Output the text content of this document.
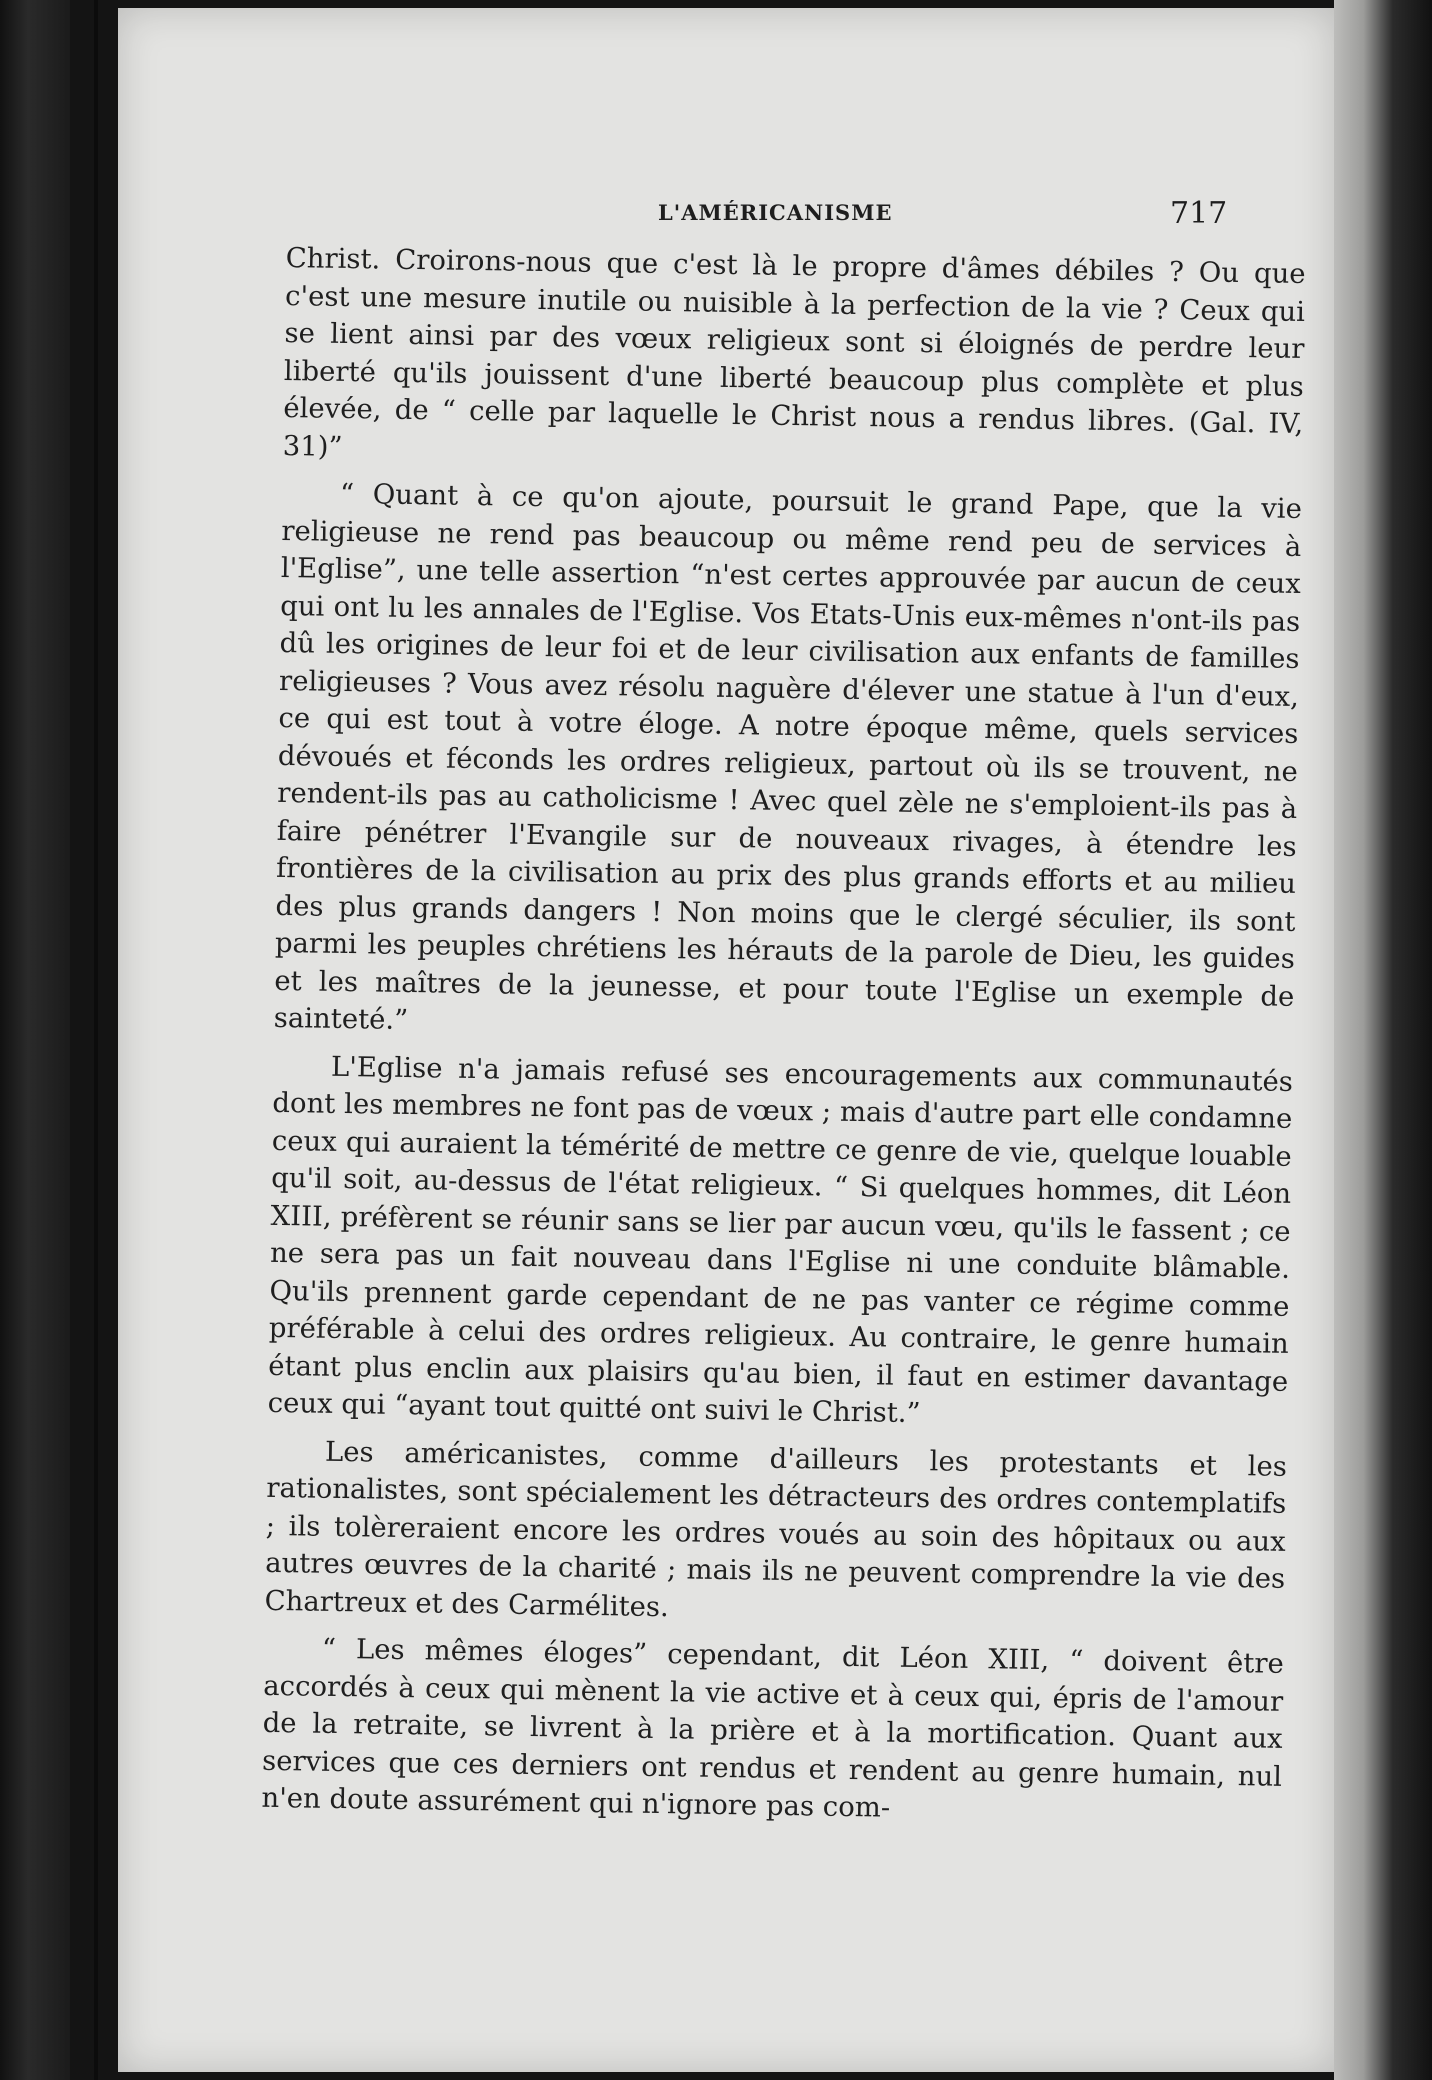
L'AMÉRICANISME	717

Christ. Croirons-nous que c'est là le propre d'âmes débiles ? Ou que c'est une mesure inutile ou nuisible à la perfection de la vie ? Ceux qui se lient ainsi par des vœux religieux sont si éloignés de perdre leur liberté qu'ils jouissent d'une liberté beaucoup plus complète et plus élevée, de “ celle par laquelle le Christ nous a rendus libres. (Gal. IV, 31)”

“ Quant à ce qu'on ajoute, poursuit le grand Pape, que la vie religieuse ne rend pas beaucoup ou même rend peu de services à l'Eglise”, une telle assertion “n'est certes approuvée par aucun de ceux qui ont lu les annales de l'Eglise. Vos Etats-Unis eux-mêmes n'ont-ils pas dû les origines de leur foi et de leur civilisation aux enfants de familles religieuses ? Vous avez résolu naguère d'élever une statue à l'un d'eux, ce qui est tout à votre éloge. A notre époque même, quels services dévoués et féconds les ordres religieux, partout où ils se trouvent, ne rendent-ils pas au catholicisme ! Avec quel zèle ne s'emploient-ils pas à faire pénétrer l'Evangile sur de nouveaux rivages, à étendre les frontières de la civilisation au prix des plus grands efforts et au milieu des plus grands dangers ! Non moins que le clergé séculier, ils sont parmi les peuples chrétiens les hérauts de la parole de Dieu, les guides et les maîtres de la jeunesse, et pour toute l'Eglise un exemple de sainteté.”

L'Eglise n'a jamais refusé ses encouragements aux communautés dont les membres ne font pas de vœux ; mais d'autre part elle condamne ceux qui auraient la témérité de mettre ce genre de vie, quelque louable qu'il soit, au-dessus de l'état religieux. “ Si quelques hommes, dit Léon XIII, préfèrent se réunir sans se lier par aucun vœu, qu'ils le fassent ; ce ne sera pas un fait nouveau dans l'Eglise ni une conduite blâmable. Qu'ils prennent garde cependant de ne pas vanter ce régime comme préférable à celui des ordres religieux. Au contraire, le genre humain étant plus enclin aux plaisirs qu'au bien, il faut en estimer davantage ceux qui “ayant tout quitté ont suivi le Christ.”

Les américanistes, comme d'ailleurs les protestants et les rationalistes, sont spécialement les détracteurs des ordres contemplatifs ; ils tolèreraient encore les ordres voués au soin des hôpitaux ou aux autres œuvres de la charité ; mais ils ne peuvent comprendre la vie des Chartreux et des Carmélites.

“ Les mêmes éloges” cependant, dit Léon XIII, “ doivent être accordés à ceux qui mènent la vie active et à ceux qui, épris de l'amour de la retraite, se livrent à la prière et à la mortification. Quant aux services que ces derniers ont rendus et rendent au genre humain, nul n'en doute assurément qui n'ignore pas com-
